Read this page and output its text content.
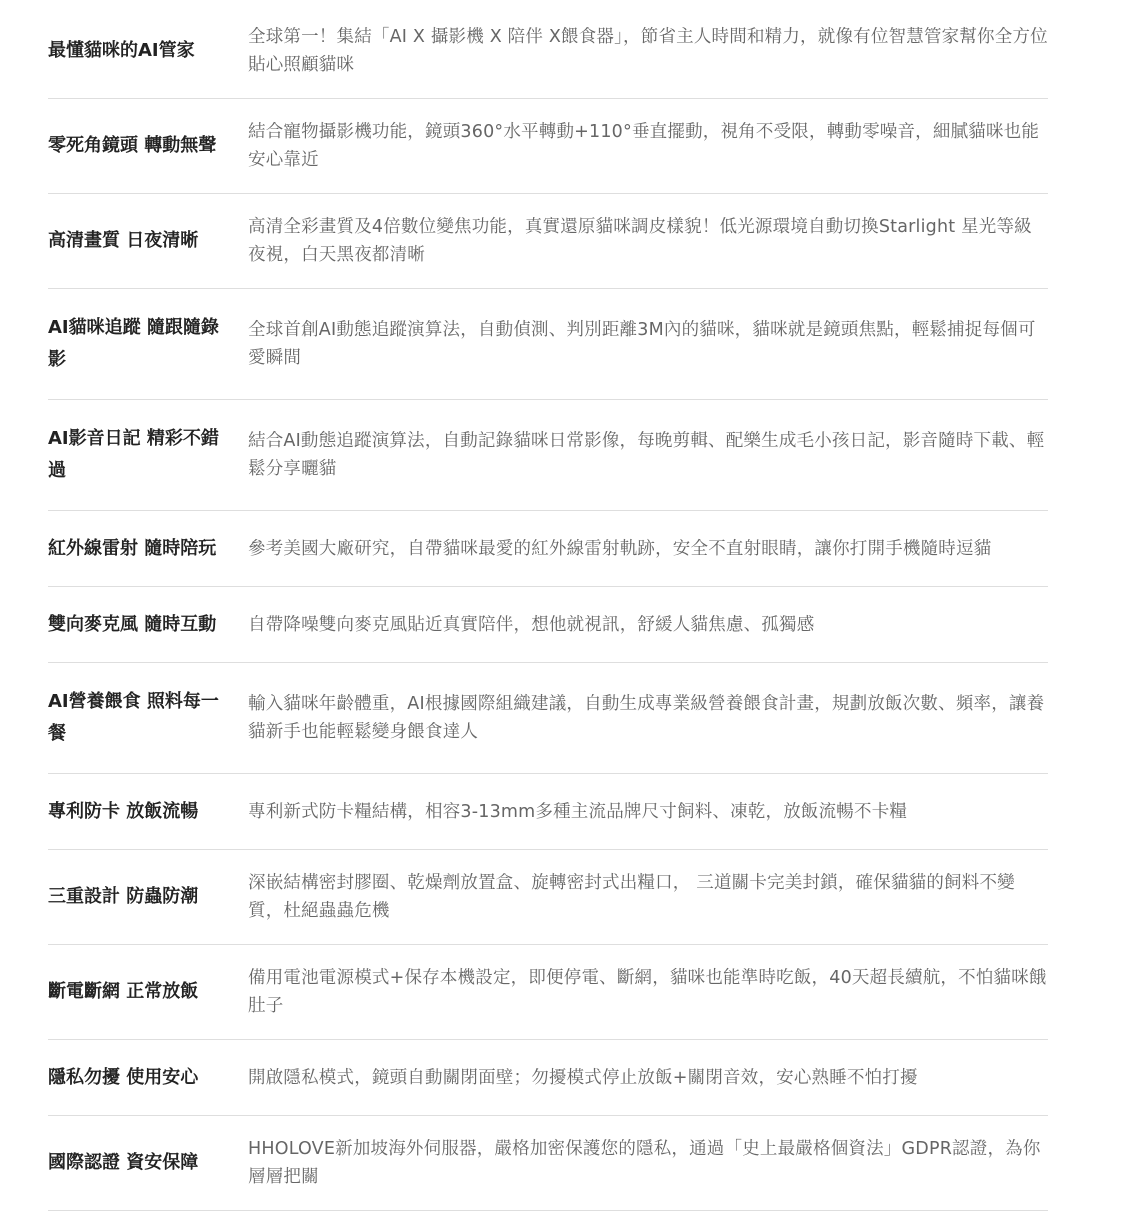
最懂貓咪的AI管家	全球第一！集結「AI X 攝影機 X 陪伴 X餵食器」，節省主人時間和精力，就像有位智慧管家幫你全方位貼心照顧貓咪
零死角鏡頭 轉動無聲	結合寵物攝影機功能，鏡頭360°水平轉動+110°垂直擺動，視角不受限，轉動零噪音，細膩貓咪也能安心靠近
高清畫質 日夜清晰	高清全彩畫質及4倍數位變焦功能，真實還原貓咪調皮樣貌！低光源環境自動切換Starlight 星光等級夜視，白天黑夜都清晰
AI貓咪追蹤 隨跟隨錄影	全球首創AI動態追蹤演算法，自動偵測、判別距離3M內的貓咪，貓咪就是鏡頭焦點，輕鬆捕捉每個可愛瞬間
AI影音日記 精彩不錯過	結合AI動態追蹤演算法，自動記錄貓咪日常影像，每晚剪輯、配樂生成毛小孩日記，影音隨時下載、輕鬆分享曬貓
紅外線雷射 隨時陪玩	參考美國大廠研究，自帶貓咪最愛的紅外線雷射軌跡，安全不直射眼睛，讓你打開手機隨時逗貓
雙向麥克風 隨時互動	自帶降噪雙向麥克風貼近真實陪伴，想他就視訊，舒緩人貓焦慮、孤獨感
AI營養餵食 照料每一餐	輸入貓咪年齡體重，AI根據國際組織建議，自動生成專業級營養餵食計畫，規劃放飯次數、頻率，讓養貓新手也能輕鬆變身餵食達人
專利防卡 放飯流暢	專利新式防卡糧結構，相容3-13mm多種主流品牌尺寸飼料、凍乾，放飯流暢不卡糧
三重設計 防蟲防潮	深嵌結構密封膠圈、乾燥劑放置盒、旋轉密封式出糧口， 三道關卡完美封鎖，確保貓貓的飼料不變質，杜絕蟲蟲危機
斷電斷網 正常放飯	備用電池電源模式+保存本機設定，即便停電、斷網，貓咪也能準時吃飯，40天超長續航，不怕貓咪餓肚子
隱私勿擾 使用安心	開啟隱私模式，鏡頭自動關閉面壁；勿擾模式停止放飯+關閉音效，安心熟睡不怕打擾
國際認證 資安保障	HHOLOVE新加坡海外伺服器，嚴格加密保護您的隱私，通過「史上最嚴格個資法」GDPR認證，為你層層把關
